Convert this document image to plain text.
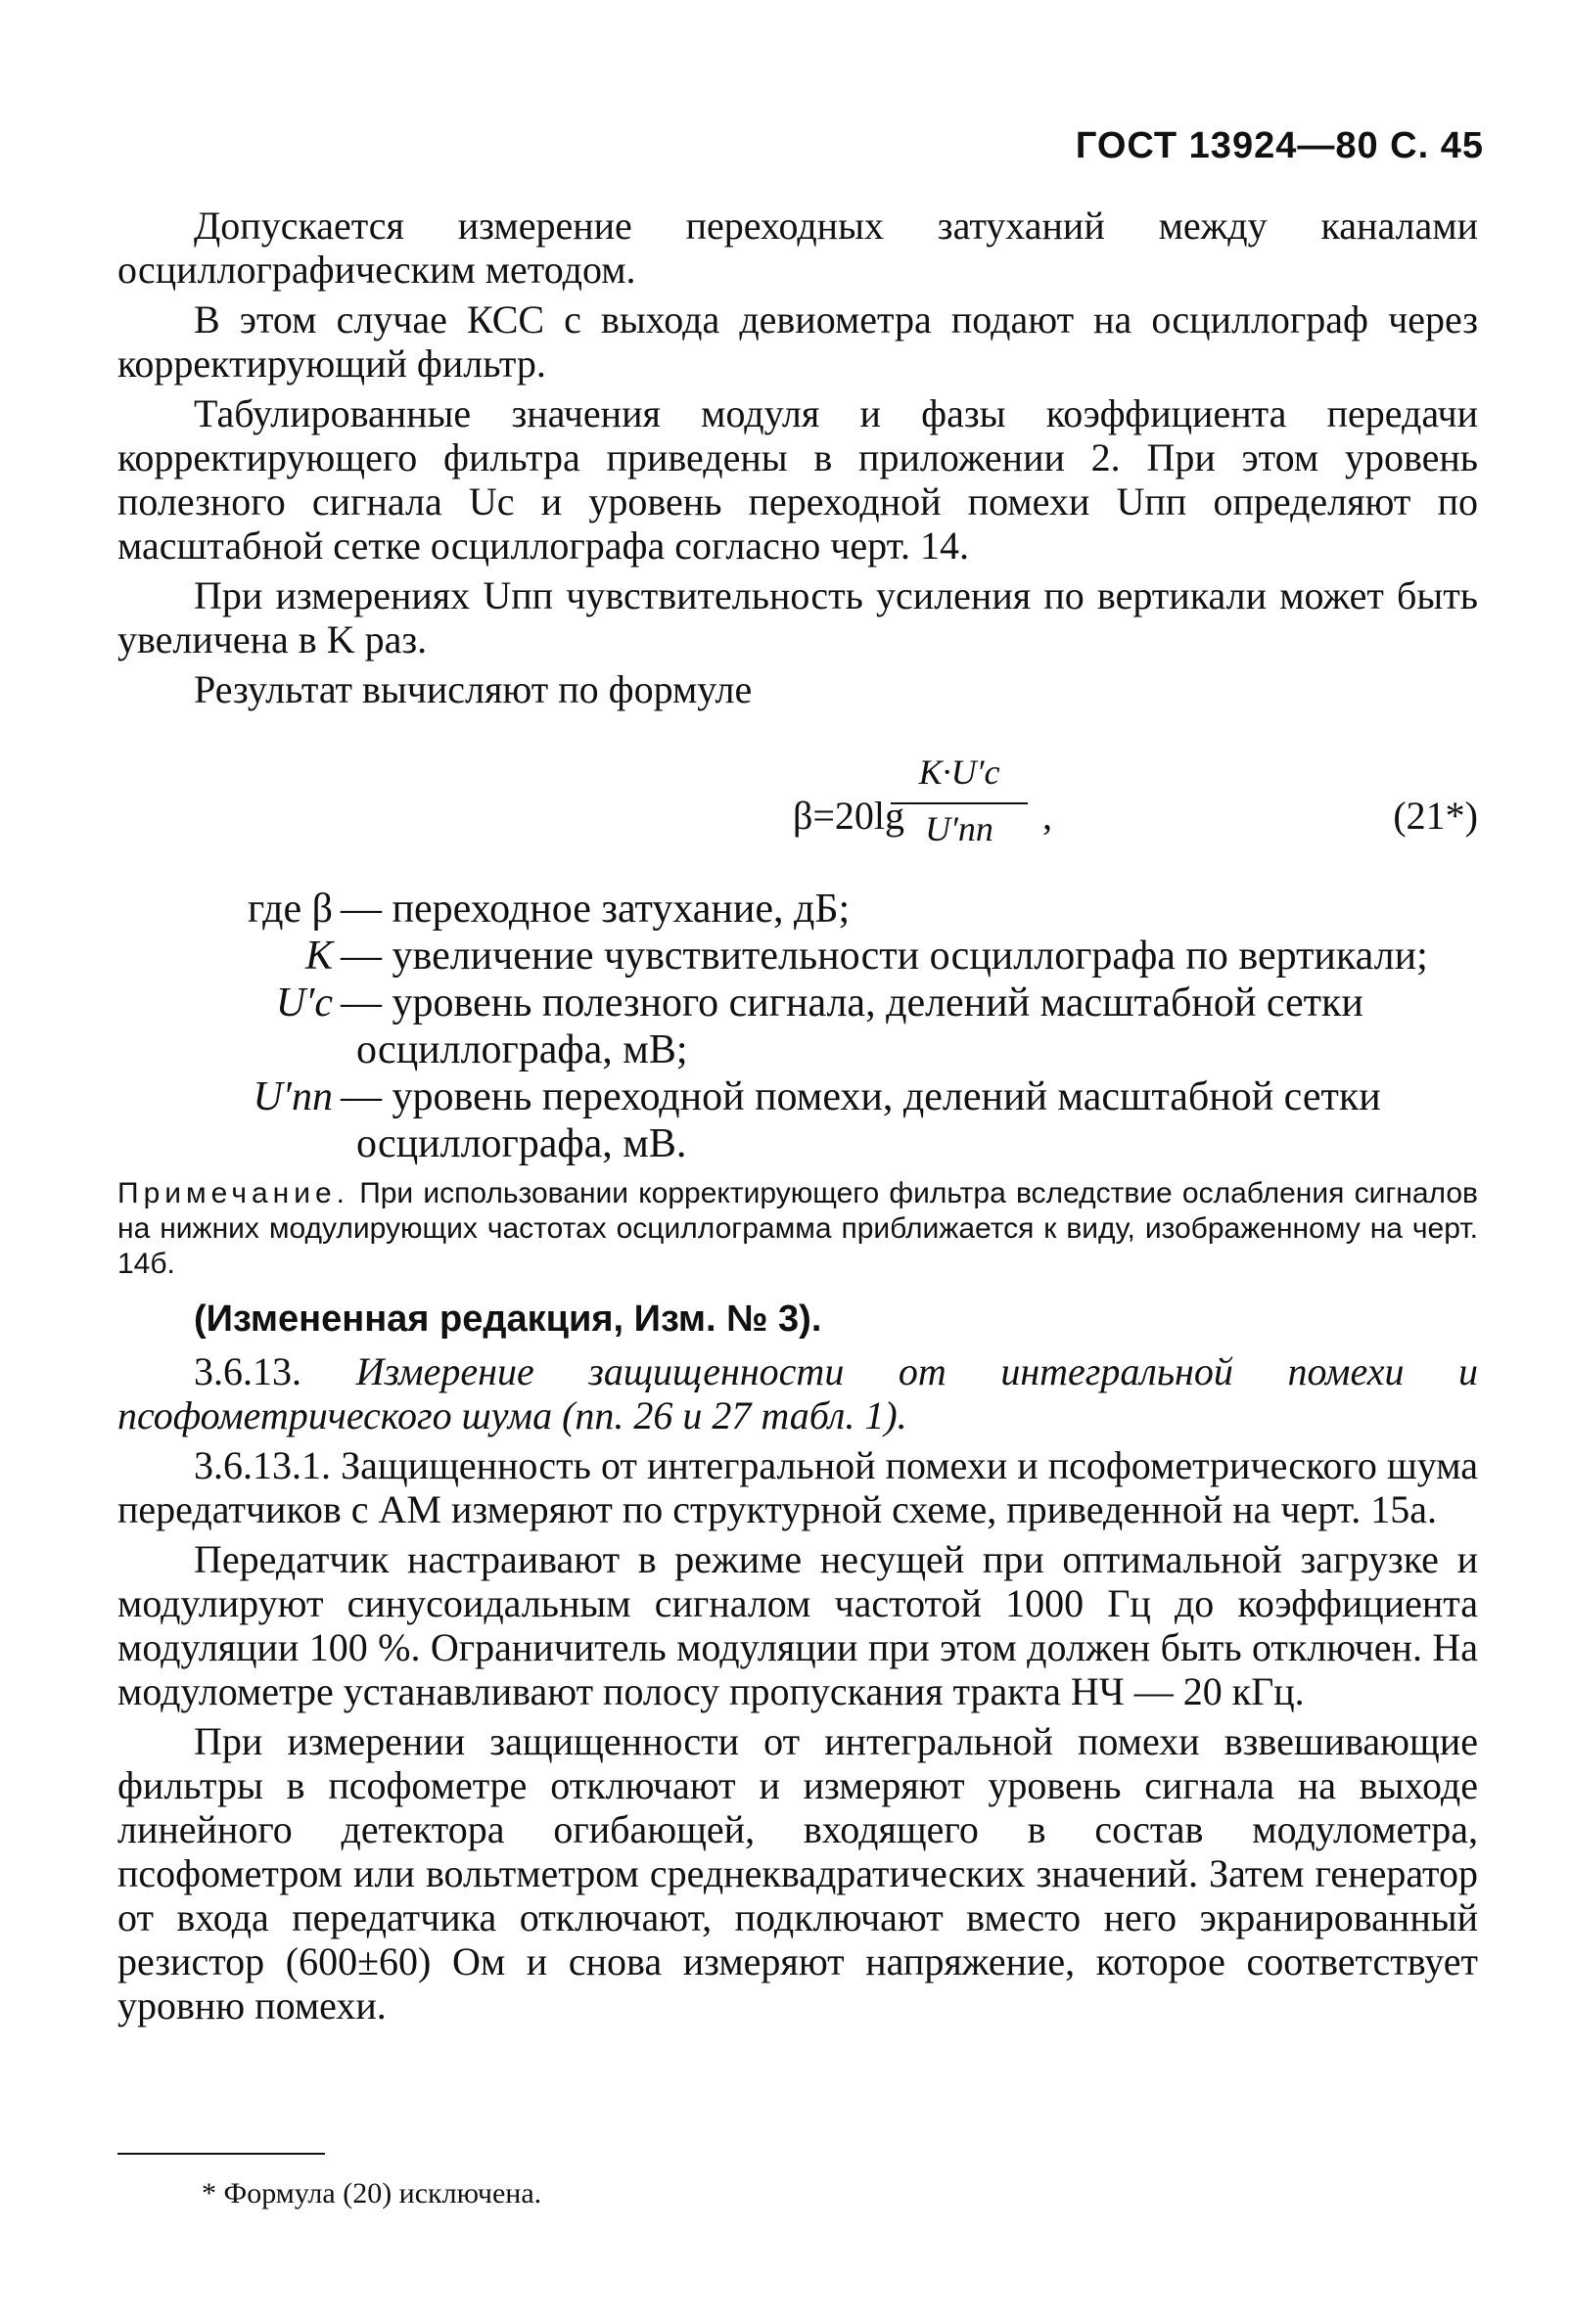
ГОСТ 13924—80 С. 45

Допускается измерение переходных затуханий между каналами осциллографическим методом.

В этом случае КСС с выхода девиометра подают на осциллограф через корректирующий фильтр.

Табулированные значения модуля и фазы коэффициента передачи корректирующего фильтра приведены в приложении 2. При этом уровень полезного сигнала Uс и уровень переходной помехи Uпп определяют по масштабной сетке осциллографа согласно черт. 14.

При измерениях Uпп чувствительность усиления по вертикали может быть увеличена в K раз.

Результат вычисляют по формуле

β=20lg
K·U′с
U′пп	,	(21*)
где β — переходное затухание, дБ;
K — увеличение чувствительности осциллографа по вертикали;
U′с — уровень полезного сигнала, делений масштабной сетки
осциллографа, мВ;
U′пп — уровень переходной помехи, делений масштабной сетки
осциллографа, мВ.
Примечание. При использовании корректирующего фильтра вследствие ослабления сигналов на нижних модулирующих частотах осциллограмма приближается к виду, изображенному на черт. 14б.
(Измененная редакция, Изм. № 3).

3.6.13. Измерение защищенности от интегральной помехи и псофометрического шума (пп. 26 и 27 табл. 1).

3.6.13.1. Защищенность от интегральной помехи и псофометрического шума передатчиков с АМ измеряют по структурной схеме, приведенной на черт. 15а.

Передатчик настраивают в режиме несущей при оптимальной загрузке и модулируют синусоидальным сигналом частотой 1000 Гц до коэффициента модуляции 100 %. Ограничитель модуляции при этом должен быть отключен. На модулометре устанавливают полосу пропускания тракта НЧ — 20 кГц.

При измерении защищенности от интегральной помехи взвешивающие фильтры в псофометре отключают и измеряют уровень сигнала на выходе линейного детектора огибающей, входящего в состав модулометра, псофометром или вольтметром среднеквадратических значений. Затем генератор от входа передатчика отключают, подключают вместо него экранированный резистор (600±60) Ом и снова измеряют напряжение, которое соответствует уровню помехи.

* Формула (20) исключена.
